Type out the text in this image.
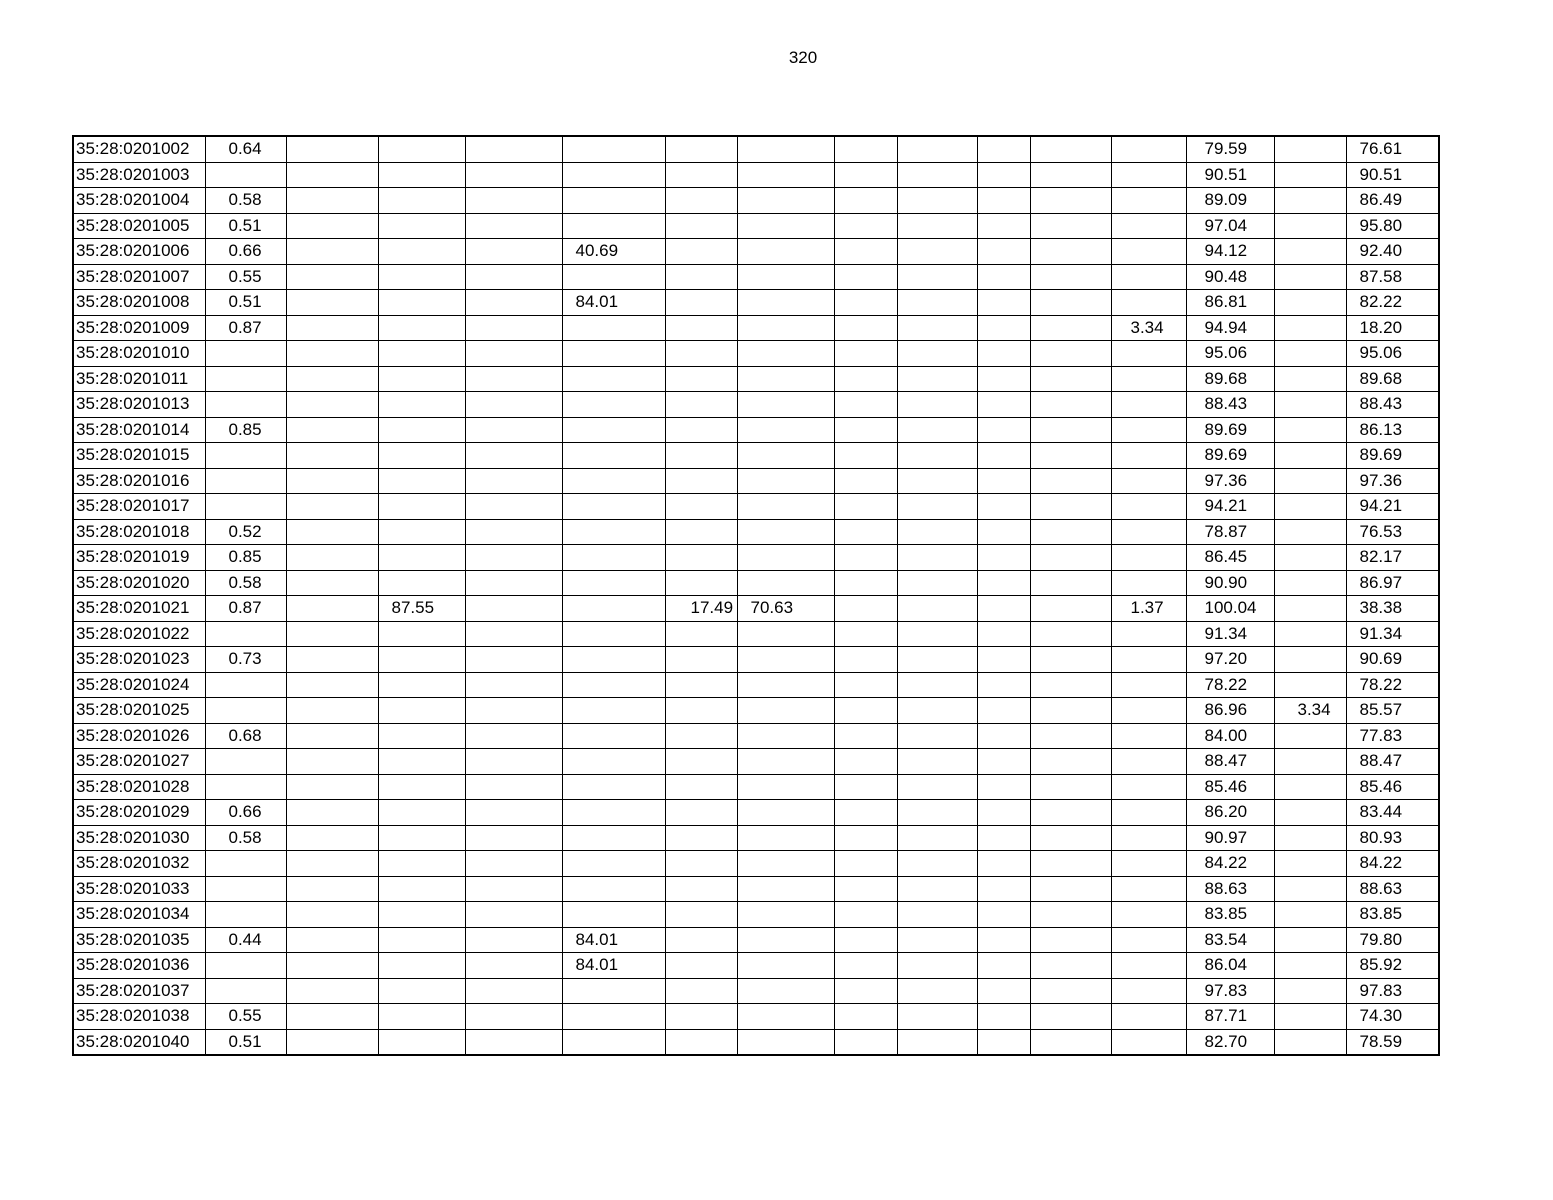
320
35:28:0201002	0.64												79.59		76.61
35:28:0201003													90.51		90.51
35:28:0201004	0.58												89.09		86.49
35:28:0201005	0.51												97.04		95.80
35:28:0201006	0.66				40.69								94.12		92.40
35:28:0201007	0.55												90.48		87.58
35:28:0201008	0.51				84.01								86.81		82.22
35:28:0201009	0.87											3.34	94.94		18.20
35:28:0201010													95.06		95.06
35:28:0201011													89.68		89.68
35:28:0201013													88.43		88.43
35:28:0201014	0.85												89.69		86.13
35:28:0201015													89.69		89.69
35:28:0201016													97.36		97.36
35:28:0201017													94.21		94.21
35:28:0201018	0.52												78.87		76.53
35:28:0201019	0.85												86.45		82.17
35:28:0201020	0.58												90.90		86.97
35:28:0201021	0.87		87.55			17.49	70.63					1.37	100.04		38.38
35:28:0201022													91.34		91.34
35:28:0201023	0.73												97.20		90.69
35:28:0201024													78.22		78.22
35:28:0201025													86.96	3.34	85.57
35:28:0201026	0.68												84.00		77.83
35:28:0201027													88.47		88.47
35:28:0201028													85.46		85.46
35:28:0201029	0.66												86.20		83.44
35:28:0201030	0.58												90.97		80.93
35:28:0201032													84.22		84.22
35:28:0201033													88.63		88.63
35:28:0201034													83.85		83.85
35:28:0201035	0.44				84.01								83.54		79.80
35:28:0201036					84.01								86.04		85.92
35:28:0201037													97.83		97.83
35:28:0201038	0.55												87.71		74.30
35:28:0201040	0.51												82.70		78.59
